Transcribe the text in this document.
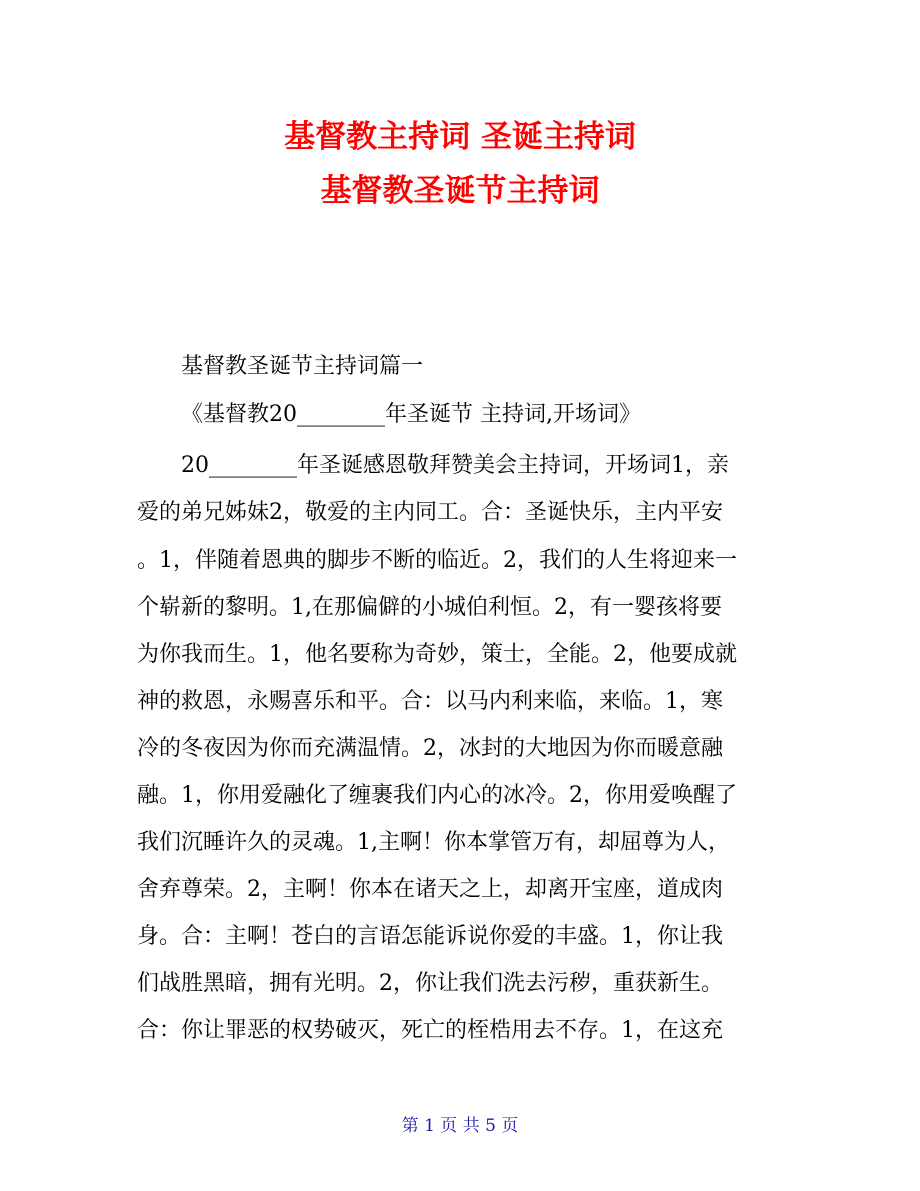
基督教主持词 圣诞主持词
基督教圣诞节主持词

基督教圣诞节主持词篇一

《基督教20________年圣诞节 主持词,开场词》

20________年圣诞感恩敬拜赞美会主持词，开场词1，亲

爱的弟兄姊妹2，敬爱的主内同工。合：圣诞快乐，主内平安

。1，伴随着恩典的脚步不断的临近。2，我们的人生将迎来一

个崭新的黎明。1,在那偏僻的小城伯利恒。2，有一婴孩将要

为你我而生。1，他名要称为奇妙，策士，全能。2，他要成就

神的救恩，永赐喜乐和平。合：以马内利来临，来临。1，寒

冷的冬夜因为你而充满温情。2，冰封的大地因为你而暖意融

融。1，你用爱融化了缠裹我们内心的冰冷。2，你用爱唤醒了

我们沉睡许久的灵魂。1,主啊！你本掌管万有，却屈尊为人，

舍弃尊荣。2，主啊！你本在诸天之上，却离开宝座，道成肉

身。合：主啊！苍白的言语怎能诉说你爱的丰盛。1，你让我

们战胜黑暗，拥有光明。2，你让我们洗去污秽，重获新生。

合：你让罪恶的权势破灭，死亡的桎梏用去不存。1，在这充

第 1 页 共 5 页
